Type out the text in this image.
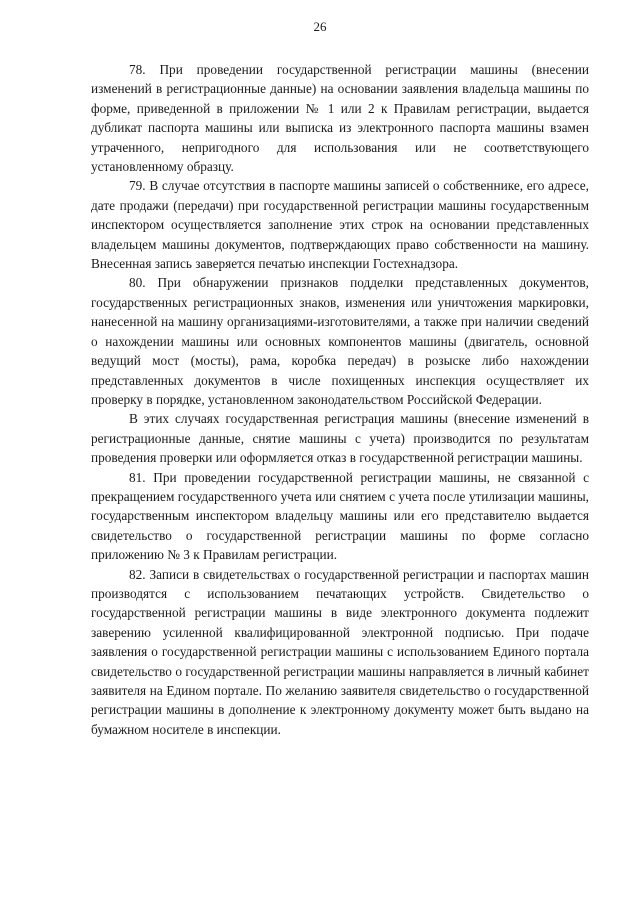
26

78. При проведении государственной регистрации машины (внесении изменений в регистрационные данные) на основании заявления владельца машины по форме, приведенной в приложении № 1 или 2 к Правилам регистрации, выдается дубликат паспорта машины или выписка из электронного паспорта машины взамен утраченного, непригодного для использования или не соответствующего установленному образцу.

79. В случае отсутствия в паспорте машины записей о собственнике, его адресе, дате продажи (передачи) при государственной регистрации машины государственным инспектором осуществляется заполнение этих строк на основании представленных владельцем машины документов, подтверждающих право собственности на машину. Внесенная запись заверяется печатью инспекции Гостехнадзора.

80. При обнаружении признаков подделки представленных документов, государственных регистрационных знаков, изменения или уничтожения маркировки, нанесенной на машину организациями-изготовителями, а также при наличии сведений о нахождении машины или основных компонентов машины (двигатель, основной ведущий мост (мосты), рама, коробка передач) в розыске либо нахождении представленных документов в числе похищенных инспекция осуществляет их проверку в порядке, установленном законодательством Российской Федерации.

В этих случаях государственная регистрация машины (внесение изменений в регистрационные данные, снятие машины с учета) производится по результатам проведения проверки или оформляется отказ в государственной регистрации машины.

81. При проведении государственной регистрации машины, не связанной с прекращением государственного учета или снятием с учета после утилизации машины, государственным инспектором владельцу машины или его представителю выдается свидетельство о государственной регистрации машины по форме согласно приложению № 3 к Правилам регистрации.

82. Записи в свидетельствах о государственной регистрации и паспортах машин производятся с использованием печатающих устройств. Свидетельство о государственной регистрации машины в виде электронного документа подлежит заверению усиленной квалифицированной электронной подписью. При подаче заявления о государственной регистрации машины с использованием Единого портала свидетельство о государственной регистрации машины направляется в личный кабинет заявителя на Едином портале. По желанию заявителя свидетельство о государственной регистрации машины в дополнение к электронному документу может быть выдано на бумажном носителе в инспекции.
